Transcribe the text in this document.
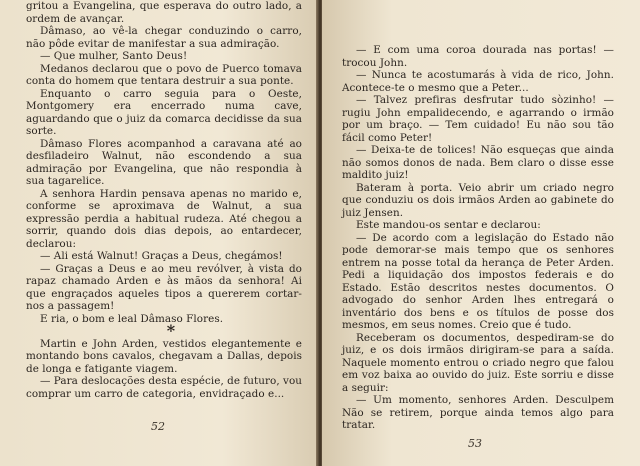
gritou a Evangelina, que esperava do outro lado, a ordem de avançar.

Dâmaso, ao vê-la chegar conduzindo o carro, não pôde evitar de manifestar a sua admiração.

— Que mulher, Santo Deus!

Medanos declarou que o povo de Puerco tomava conta do homem que tentara destruir a sua ponte.

Enquanto o carro seguia para o Oeste, Montgomery era encerrado numa cave, aguardando que o juiz da comarca decidisse da sua sorte.

Dâmaso Flores acompanhod a caravana até ao desfiladeiro Walnut, não escondendo a sua admiração por Evangelina, que não respondia à sua tagarelice.

A senhora Hardin pensava apenas no marido e, conforme se aproximava de Walnut, a sua expressão perdia a habitual rudeza. Até chegou a sorrir, quando dois dias depois, ao entardecer, declarou:

— Ali está Walnut! Graças a Deus, chegámos!

— Graças a Deus e ao meu revólver, à vista do rapaz chamado Arden e às mãos da senhora! Ai que engraçados aqueles tipos a quererem cortar-nos a passagem!

E ria, o bom e leal Dâmaso Flores.

*

Martin e John Arden, vestidos elegantemente e montando bons cavalos, chegavam a Dallas, depois de longa e fatigante viagem.

— Para deslocações desta espécie, de futuro, vou comprar um carro de categoria, envidraçado e...

52

— E com uma coroa dourada nas portas! — trocou John.

— Nunca te acostumarás à vida de rico, John. Acontece-te o mesmo que a Peter...

— Talvez prefiras desfrutar tudo sòzinho! — rugiu John empalidecendo, e agarrando o irmão por um braço. — Tem cuidado! Eu não sou tão fácil como Peter!

— Deixa-te de tolices! Não esqueças que ainda não somos donos de nada. Bem claro o disse esse maldito juiz!

Bateram à porta. Veio abrir um criado negro que conduziu os dois irmãos Arden ao gabinete do juiz Jensen.

Este mandou-os sentar e declarou:

— De acordo com a legislação do Estado não pode demorar-se mais tempo que os senhores entrem na posse total da herança de Peter Arden. Pedi a liquidação dos impostos federais e do Estado. Estão descritos nestes documentos. O advogado do senhor Arden lhes entregará o inventário dos bens e os títulos de posse dos mesmos, em seus nomes. Creio que é tudo.

Receberam os documentos, despediram-se do juiz, e os dois irmãos dirigiram-se para a saída. Naquele momento entrou o criado negro que falou em voz baixa ao ouvido do juiz. Este sorriu e disse a seguir:

— Um momento, senhores Arden. Desculpem Não se retirem, porque ainda temos algo para tratar.

53
